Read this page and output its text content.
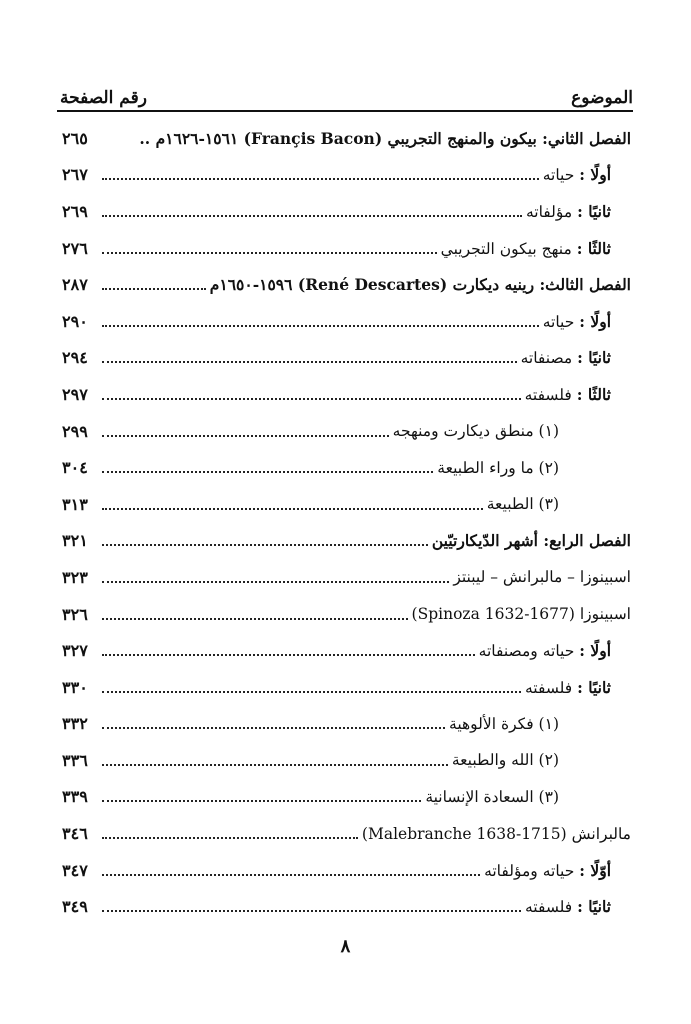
الموضوع
رقم الصفحة
الفصل الثاني: بيكون والمنهج التجريبي (Françis Bacon) ١٥٦١-١٦٢٦م ..
٢٦٥
أولًا : حياته
٢٦٧
ثانيًا : مؤلفاته
٢٦٩
ثالثًا : منهج بيكون التجريبي
٢٧٦
الفصل الثالث: رينيه ديكارت (René Descartes) ١٥٩٦-١٦٥٠م
٢٨٧
أولًا : حياته
٢٩٠
ثانيًا : مصنفاته
٢٩٤
ثالثًا : فلسفته
٢٩٧
(١) منطق ديكارت ومنهجه
٢٩٩
(٢) ما وراء الطبيعة
٣٠٤
(٣) الطبيعة
٣١٣
الفصل الرابع: أشهر الدّيكارتيّين
٣٢١
اسبينوزا – مالبرانش – ليبنتز
٣٢٣
اسبينوزا (Spinoza 1632-1677)
٣٢٦
أولًا : حياته ومصنفاته
٣٢٧
ثانيًا : فلسفته
٣٣٠
(١) فكرة الألوهية
٣٣٢
(٢) الله والطبيعة
٣٣٦
(٣) السعادة الإنسانية
٣٣٩
مالبرانش (Malebranche 1638-1715)
٣٤٦
أوّلًا : حياته ومؤلفاته
٣٤٧
ثانيًا : فلسفته
٣٤٩
٨
